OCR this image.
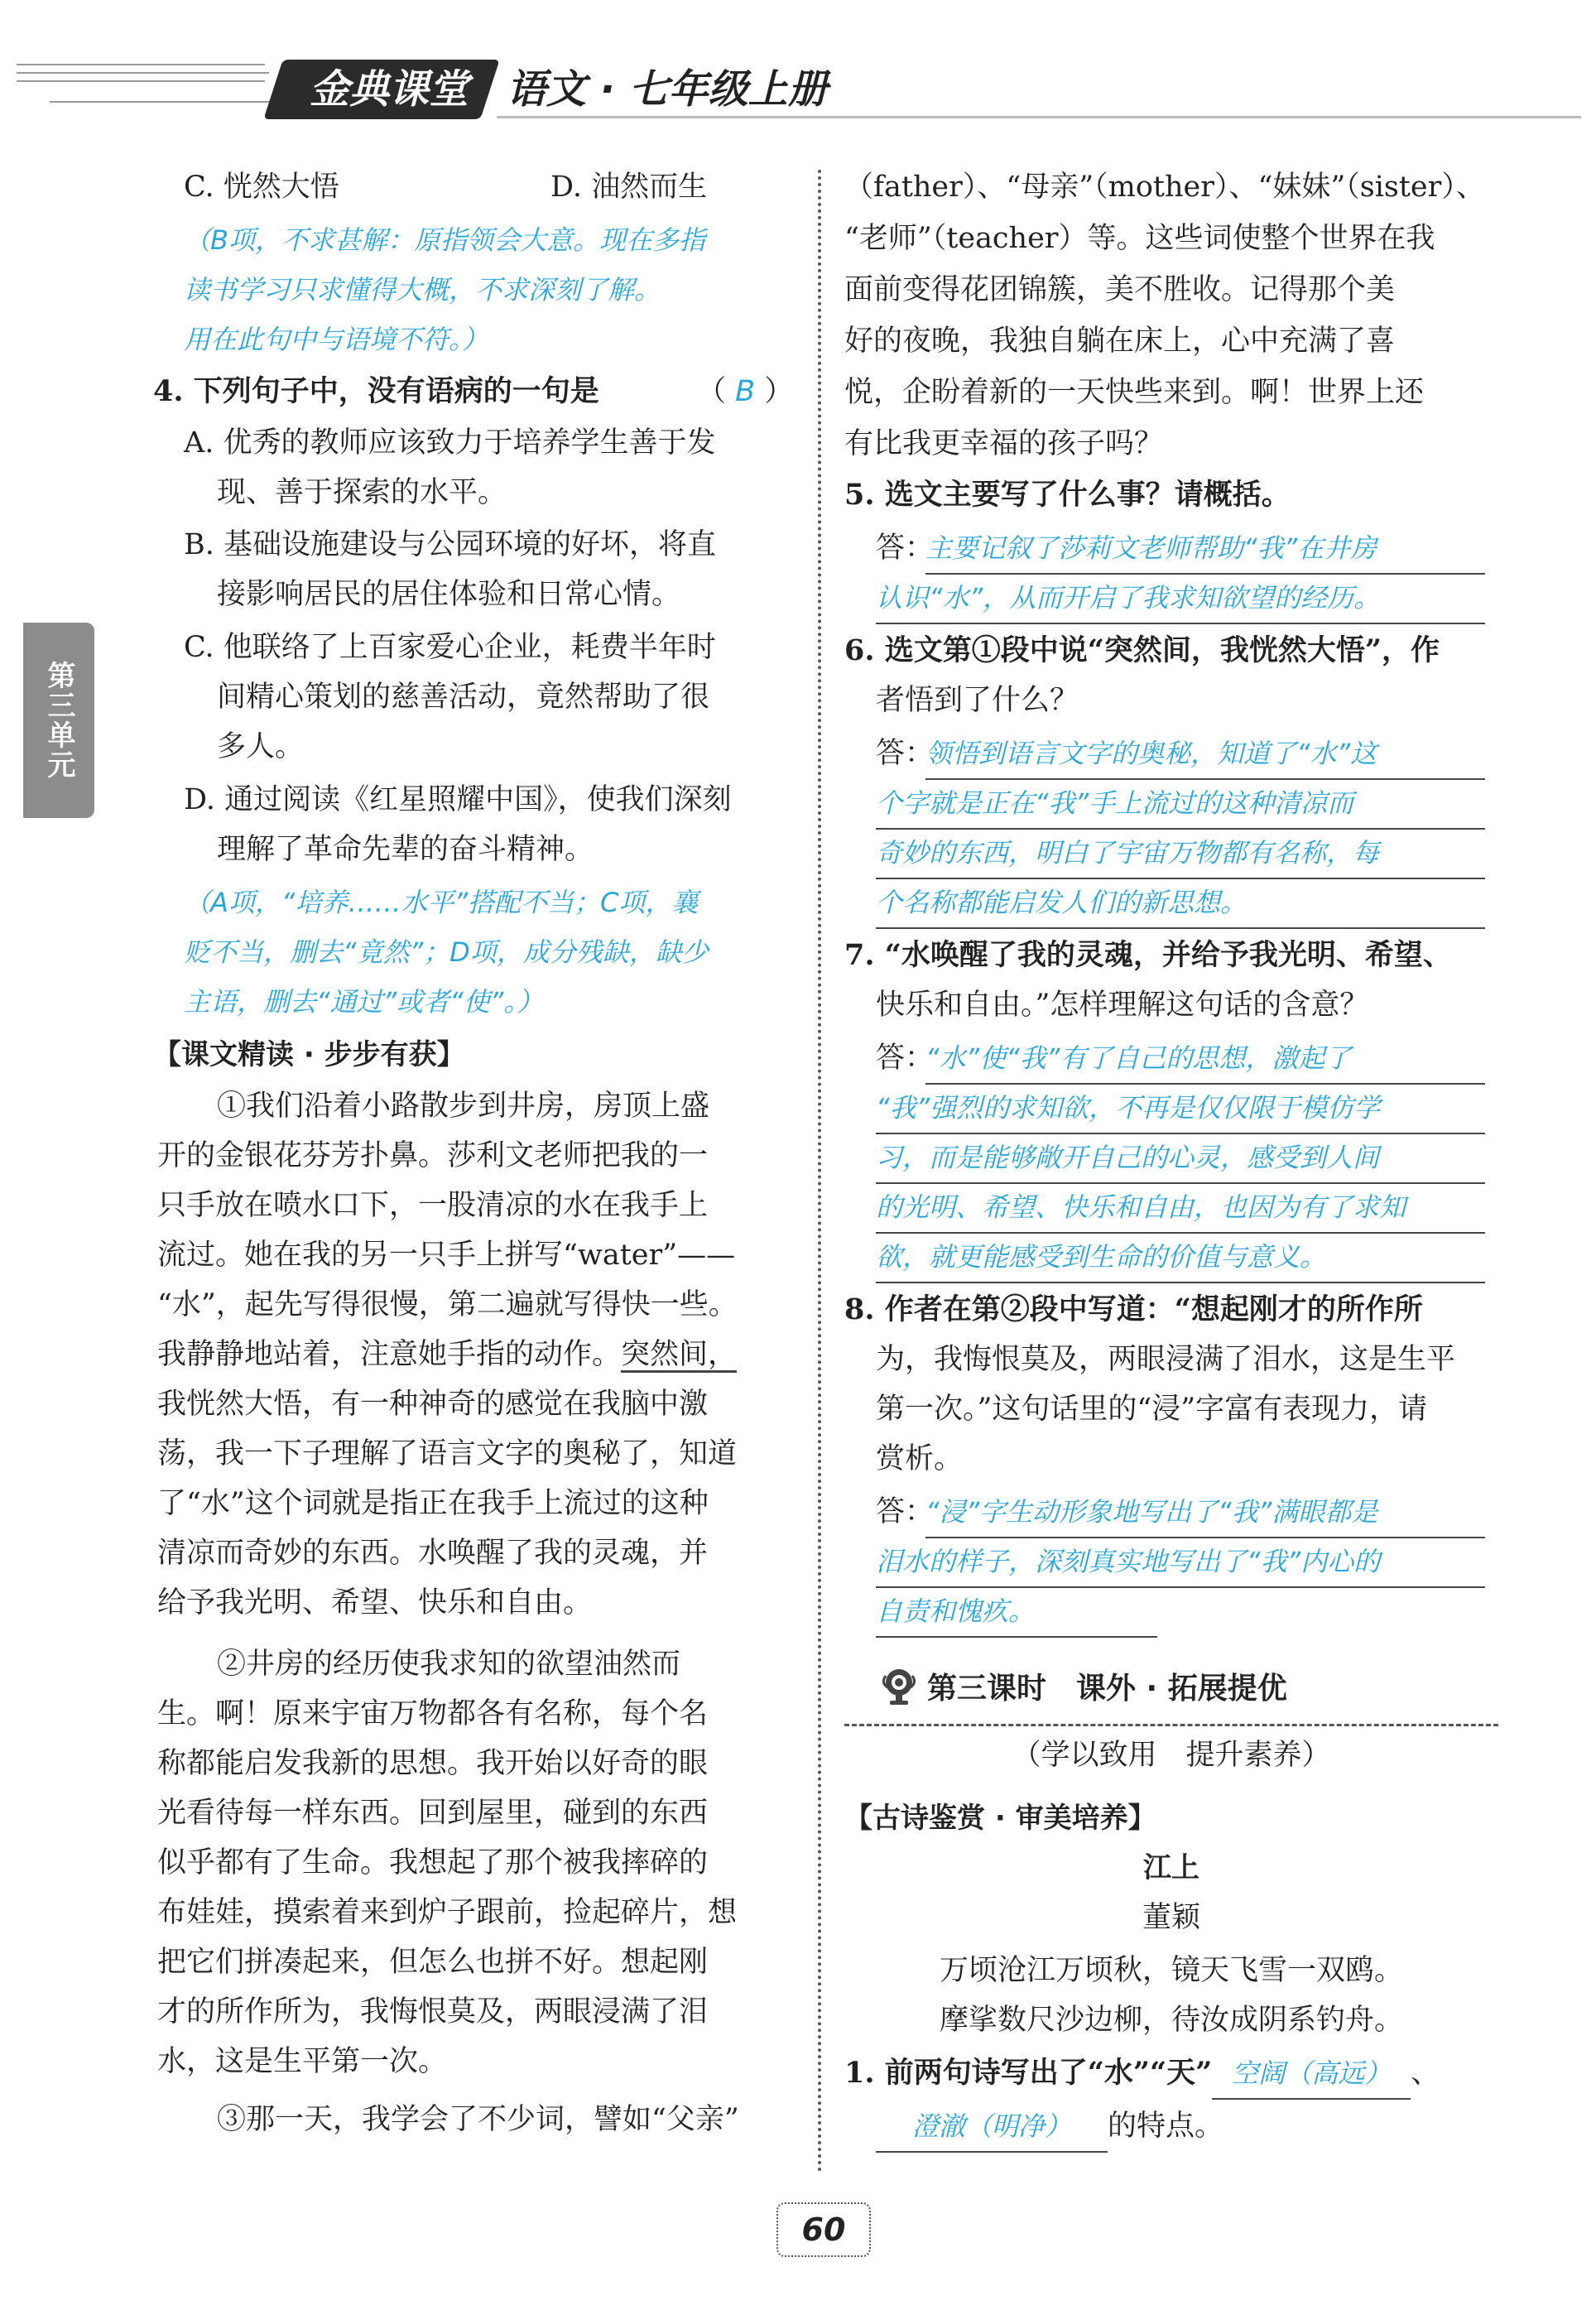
金典课堂 语文 · 七年级上册
第三单元
C. 恍然大悟	D. 油然而生
（B项，不求甚解：原指领会大意。现在多指
读书学习只求懂得大概，不求深刻了解。
用在此句中与语境不符。）
4. 下列句子中，没有语病的一句是	（ B ）
A. 优秀的教师应该致力于培养学生善于发
现、善于探索的水平。
B. 基础设施建设与公园环境的好坏，将直
接影响居民的居住体验和日常心情。
C. 他联络了上百家爱心企业，耗费半年时
间精心策划的慈善活动，竟然帮助了很
多人。
D. 通过阅读《红星照耀中国》，使我们深刻
理解了革命先辈的奋斗精神。
（A项，“培养……水平”搭配不当；C项，襄
贬不当，删去“竟然”；D项，成分残缺，缺少
主语，删去“通过”或者“使”。）
【课文精读 · 步步有获】
①我们沿着小路散步到井房，房顶上盛
开的金银花芬芳扑鼻。莎利文老师把我的一
只手放在喷水口下，一股清凉的水在我手上
流过。她在我的另一只手上拼写“water”——
“水”，起先写得很慢，第二遍就写得快一些。
我静静地站着，注意她手指的动作。突然间，
我恍然大悟，有一种神奇的感觉在我脑中激
荡，我一下子理解了语言文字的奥秘了，知道
了“水”这个词就是指正在我手上流过的这种
清凉而奇妙的东西。水唤醒了我的灵魂，并
给予我光明、希望、快乐和自由。
②井房的经历使我求知的欲望油然而
生。啊！原来宇宙万物都各有名称，每个名
称都能启发我新的思想。我开始以好奇的眼
光看待每一样东西。回到屋里，碰到的东西
似乎都有了生命。我想起了那个被我摔碎的
布娃娃，摸索着来到炉子跟前，捡起碎片，想
把它们拼凑起来，但怎么也拼不好。想起刚
才的所作所为，我悔恨莫及，两眼浸满了泪
水，这是生平第一次。
③那一天，我学会了不少词，譬如“父亲”
（father）、“母亲”（mother）、“妹妹”（sister）、
“老师”（teacher）等。这些词使整个世界在我
面前变得花团锦簇，美不胜收。记得那个美
好的夜晚，我独自躺在床上，心中充满了喜
悦，企盼着新的一天快些来到。啊！世界上还
有比我更幸福的孩子吗？
5. 选文主要写了什么事？请概括。
答：
主要记叙了莎莉文老师帮助“我”在井房
认识“水”，从而开启了我求知欲望的经历。
6. 选文第①段中说“突然间，我恍然大悟”，作
者悟到了什么？
答：
领悟到语言文字的奥秘，知道了“水”这
个字就是正在“我”手上流过的这种清凉而
奇妙的东西，明白了宇宙万物都有名称，每
个名称都能启发人们的新思想。
7. “水唤醒了我的灵魂，并给予我光明、希望、
快乐和自由。”怎样理解这句话的含意？
答：
“水”使“我”有了自己的思想，激起了
“我”强烈的求知欲，不再是仅仅限于模仿学
习，而是能够敞开自己的心灵，感受到人间
的光明、希望、快乐和自由，也因为有了求知
欲，就更能感受到生命的价值与意义。
8. 作者在第②段中写道：“想起刚才的所作所
为，我悔恨莫及，两眼浸满了泪水，这是生平
第一次。”这句话里的“浸”字富有表现力，请
赏析。
答：
“浸”字生动形象地写出了“我”满眼都是
泪水的样子，深刻真实地写出了“我”内心的
自责和愧疚。
第三课时　课外 · 拓展提优
（学以致用　提升素养）
【古诗鉴赏 · 审美培养】
江上
董颖
万顷沧江万顷秋，镜天飞雪一双鸥。
摩挲数尺沙边柳，待汝成阴系钓舟。
1. 前两句诗写出了“水”“天” 空阔（高远） 、
澄澈（明净） 的特点。
60
